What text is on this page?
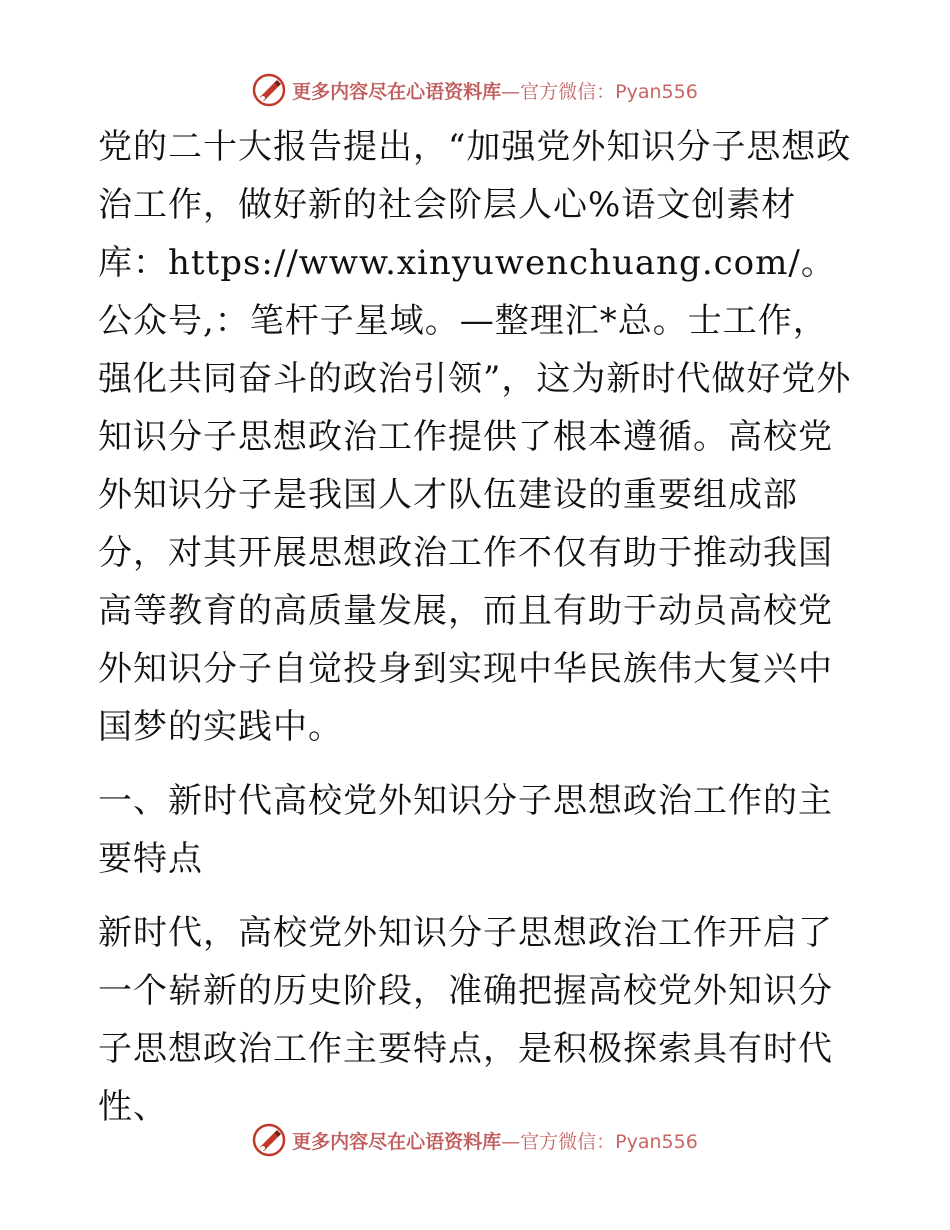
更多内容尽在心语资料库—官方微信：Pyan556

党的二十大报告提出，“加强党外知识分子思想政治工作，做好新的社会阶层人心%语文创素材库：https://www.xinyuwenchuang.com/。公众号,：笔杆子星域。—整理汇*总。士工作，强化共同奋斗的政治引领”，这为新时代做好党外知识分子思想政治工作提供了根本遵循。高校党外知识分子是我国人才队伍建设的重要组成部分，对其开展思想政治工作不仅有助于推动我国高等教育的高质量发展，而且有助于动员高校党外知识分子自觉投身到实现中华民族伟大复兴中国梦的实践中。

一、新时代高校党外知识分子思想政治工作的主要特点

新时代，高校党外知识分子思想政治工作开启了一个崭新的历史阶段，准确把握高校党外知识分子思想政治工作主要特点，是积极探索具有时代性、

更多内容尽在心语资料库—官方微信：Pyan556
